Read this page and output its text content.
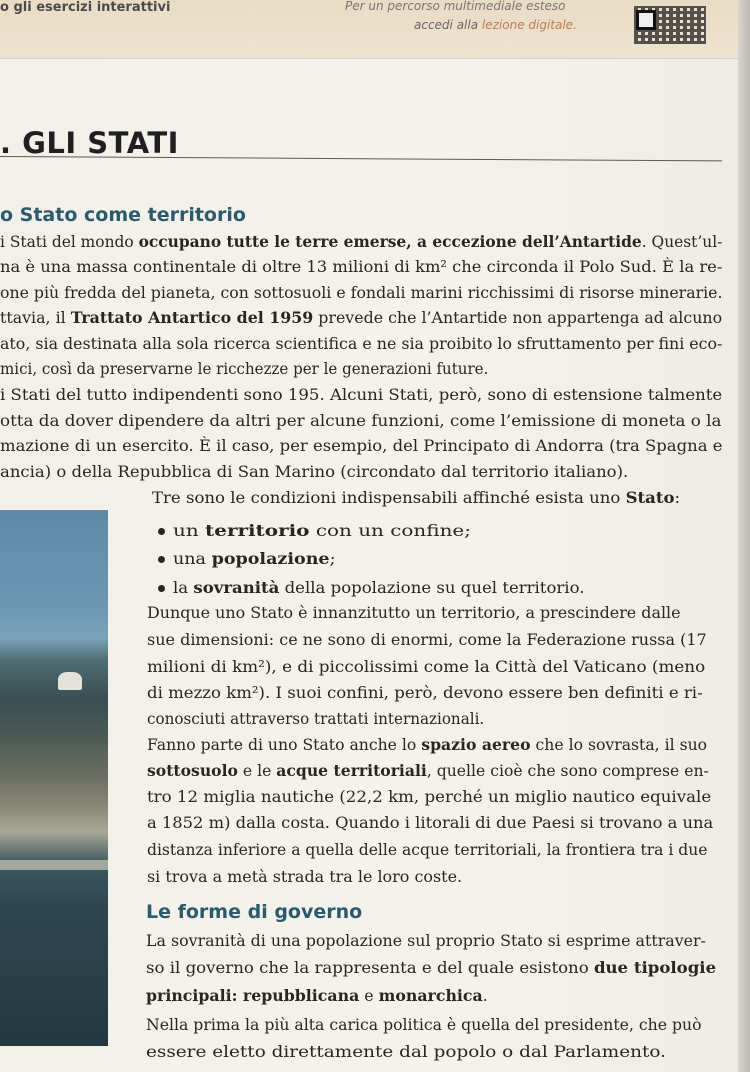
o gli esercizi interattivi	Per un percorso multimediale esteso
accedi alla lezione digitale.
. GLI STATI
o Stato come territorio
i Stati del mondo occupano tutte le terre emerse, a eccezione dell’Antartide. Quest’ul-
na è una massa continentale di oltre 13 milioni di km² che circonda il Polo Sud. È la re-
one più fredda del pianeta, con sottosuoli e fondali marini ricchissimi di risorse minerarie.
ttavia, il Trattato Antartico del 1959 prevede che l’Antartide non appartenga ad alcuno
ato, sia destinata alla sola ricerca scientifica e ne sia proibito lo sfruttamento per fini eco-
mici, così da preservarne le ricchezze per le generazioni future.
i Stati del tutto indipendenti sono 195. Alcuni Stati, però, sono di estensione talmente
otta da dover dipendere da altri per alcune funzioni, come l’emissione di moneta o la
mazione di un esercito. È il caso, per esempio, del Principato di Andorra (tra Spagna e
ancia) o della Repubblica di San Marino (circondato dal territorio italiano).
Tre sono le condizioni indispensabili affinché esista uno Stato:
un territorio con un confine;
una popolazione;
la sovranità della popolazione su quel territorio.
Dunque uno Stato è innanzitutto un territorio, a prescindere dalle
sue dimensioni: ce ne sono di enormi, come la Federazione russa (17
milioni di km²), e di piccolissimi come la Città del Vaticano (meno
di mezzo km²). I suoi confini, però, devono essere ben definiti e ri-
conosciuti attraverso trattati internazionali.
Fanno parte di uno Stato anche lo spazio aereo che lo sovrasta, il suo
sottosuolo e le acque territoriali, quelle cioè che sono comprese en-
tro 12 miglia nautiche (22,2 km, perché un miglio nautico equivale
a 1852 m) dalla costa. Quando i litorali di due Paesi si trovano a una
distanza inferiore a quella delle acque territoriali, la frontiera tra i due
si trova a metà strada tra le loro coste.
La sovranità di una popolazione sul proprio Stato si esprime attraver-
so il governo che la rappresenta e del quale esistono due tipologie
principali: repubblicana e monarchica.
Nella prima la più alta carica politica è quella del presidente, che può
essere eletto direttamente dal popolo o dal Parlamento.
Le forme di governo
